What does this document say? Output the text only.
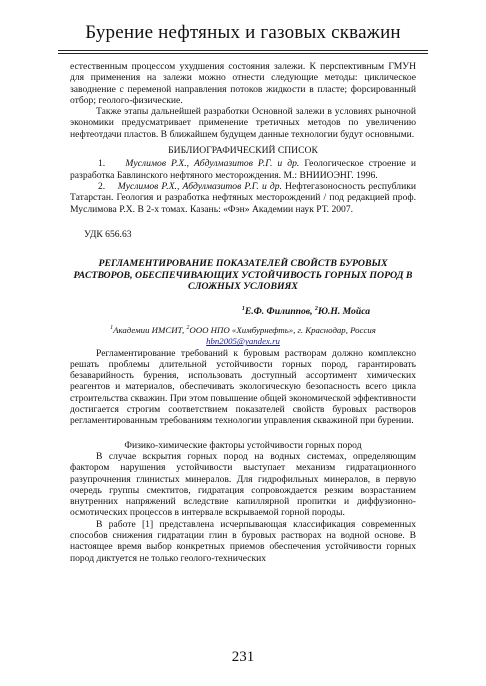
Бурение нефтяных и газовых скважин

естественным процессом ухудшения состояния залежи. К перспективным ГМУН для применения на залежи можно отнести следующие методы: циклическое заводнение с переменой направления потоков жидкости в пласте; форсированный отбор; геолого-физические.

Также этапы дальнейшей разработки Основной залежи в условиях рыночной экономики предусматривает применение третичных методов по увеличению нефтеотдачи пластов. В ближайшем будущем данные технологии будут основными.

БИБЛИОГРАФИЧЕСКИЙ СПИСОК

1. Муслимов Р.Х., Абдулмазитов Р.Г. и др. Геологическое строение и разработка Бавлинского нефтяного месторождения. М.: ВНИИОЭНГ. 1996.

2. Муслимов Р.Х., Абдулмазитов Р.Г. и др. Нефтегазоносность республики Татарстан. Геология и разработка нефтяных месторождений / под редакцией проф. Муслимова Р.Х. В 2-х томах. Казань: «Фэн» Академии наук РТ. 2007.

УДК 656.63
РЕГЛАМЕНТИРОВАНИЕ ПОКАЗАТЕЛЕЙ СВОЙСТВ БУРОВЫХ РАСТВОРОВ, ОБЕСПЕЧИВАЮЩИХ УСТОЙЧИВОСТЬ ГОРНЫХ ПОРОД В СЛОЖНЫХ УСЛОВИЯХ
$^1$Е.Ф. Филиппов, $^2$Ю.Н. Мойса
$^1$Академии ИМСИТ, $^2$ООО НПО «Химбурнефть», г. Краснодар, Россия
hbn2005@yandex.ru

Регламентирование требований к буровым растворам должно комплексно решать проблемы длительной устойчивости горных пород, гарантировать безаварийность бурения, использовать доступный ассортимент химических реагентов и материалов, обеспечивать экологическую безопасность всего цикла строительства скважин. При этом повышение общей экономической эффективности достигается строгим соответствием показателей свойств буровых растворов регламентированным требованиям технологии управления скважиной при бурении.

Физико-химические факторы устойчивости горных пород

В случае вскрытия горных пород на водных системах, определяющим фактором нарушения устойчивости выступает механизм гидратационного разупрочнения глинистых минералов. Для гидрофильных минералов, в первую очередь группы смектитов, гидратация сопровождается резким возрастанием внутренних напряжений вследствие капиллярной пропитки и диффузионно-осмотических процессов в интервале вскрываемой горной породы.

В работе [1] представлена исчерпывающая классификация современных способов снижения гидратации глин в буровых растворах на водной основе. В настоящее время выбор конкретных приемов обеспечения устойчивости горных пород диктуется не только геолого-технических

231
